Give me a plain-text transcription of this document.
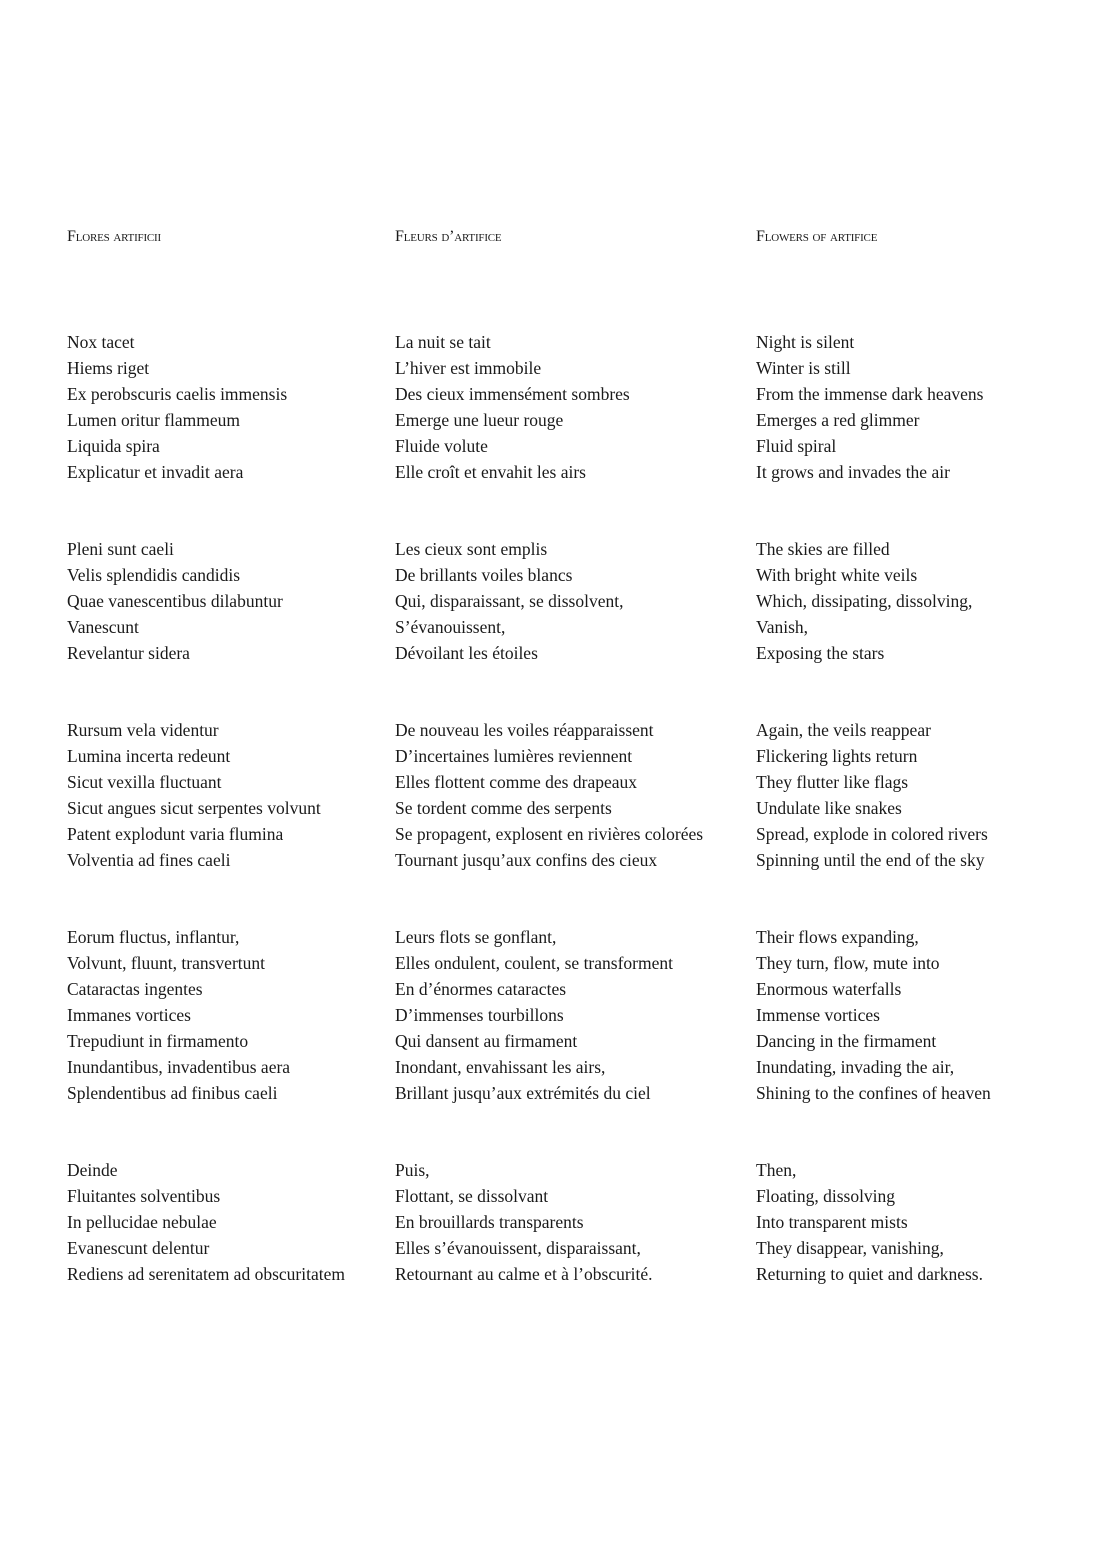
Flores artificii
Nox tacet
Hiems riget
Ex perobscuris caelis immensis
Lumen oritur flammeum
Liquida spira
Explicatur et invadit aera
Pleni sunt caeli
Velis splendidis candidis
Quae vanescentibus dilabuntur
Vanescunt
Revelantur sidera
Rursum vela videntur
Lumina incerta redeunt
Sicut vexilla fluctuant
Sicut angues sicut serpentes volvunt
Patent explodunt varia flumina
Volventia ad fines caeli
Eorum fluctus, inflantur,
Volvunt, fluunt, transvertunt
Cataractas ingentes
Immanes vortices
Trepudiunt in firmamento
Inundantibus, invadentibus aera
Splendentibus ad finibus caeli
Deinde
Fluitantes solventibus
In pellucidae nebulae
Evanescunt delentur
Rediens ad serenitatem ad obscuritatem
Fleurs d’artifice
La nuit se tait
L’hiver est immobile
Des cieux immensément sombres
Emerge une lueur rouge
Fluide volute
Elle croît et envahit les airs
Les cieux sont emplis
De brillants voiles blancs
Qui, disparaissant, se dissolvent,
S’évanouissent,
Dévoilant les étoiles
De nouveau les voiles réapparaissent
D’incertaines lumières reviennent
Elles flottent comme des drapeaux
Se tordent comme des serpents
Se propagent, explosent en rivières colorées
Tournant jusqu’aux confins des cieux
Leurs flots se gonflant,
Elles ondulent, coulent, se transforment
En d’énormes cataractes
D’immenses tourbillons
Qui dansent au firmament
Inondant, envahissant les airs,
Brillant jusqu’aux extrémités du ciel
Puis,
Flottant, se dissolvant
En brouillards transparents
Elles s’évanouissent, disparaissant,
Retournant au calme et à l’obscurité.
Flowers of artifice
Night is silent
Winter is still
From the immense dark heavens
Emerges a red glimmer
Fluid spiral
It grows and invades the air
The skies are filled
With bright white veils
Which, dissipating, dissolving,
Vanish,
Exposing the stars
Again, the veils reappear
Flickering lights return
They flutter like flags
Undulate like snakes
Spread, explode in colored rivers
Spinning until the end of the sky
Their flows expanding,
They turn, flow, mute into
Enormous waterfalls
Immense vortices
Dancing in the firmament
Inundating, invading the air,
Shining to the confines of heaven
Then,
Floating, dissolving
Into transparent mists
They disappear, vanishing,
Returning to quiet and darkness.
